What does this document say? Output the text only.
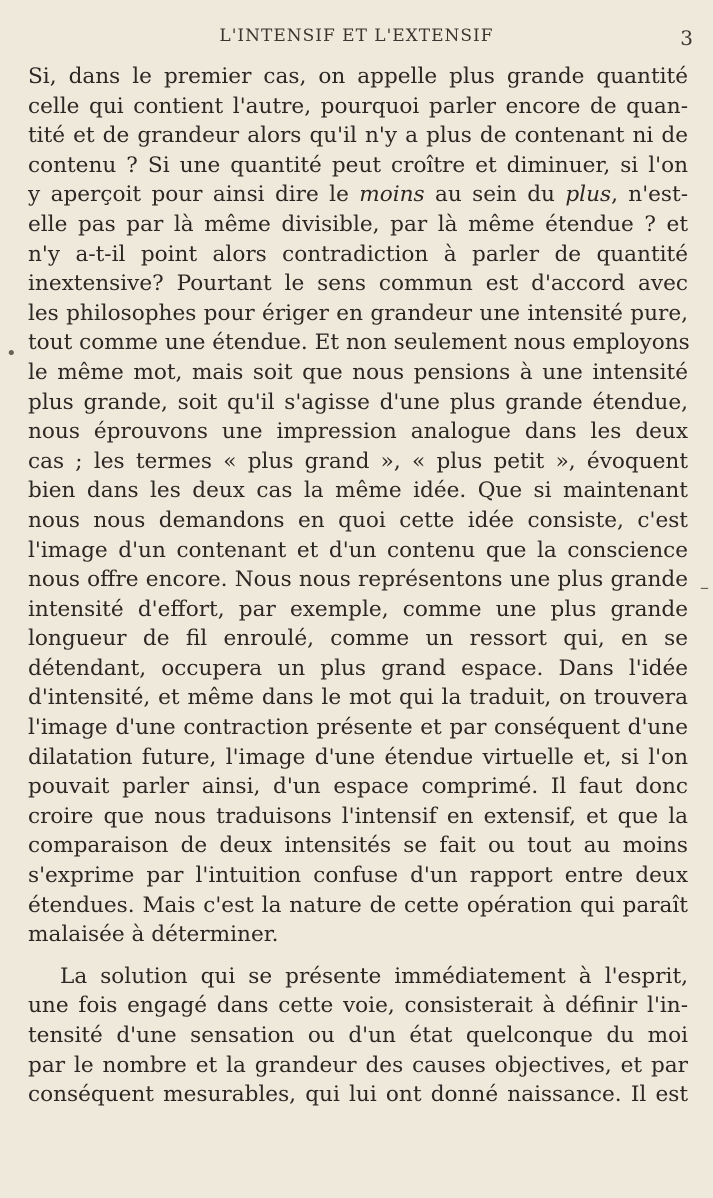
L'INTENSIF ET L'EXTENSIF	3
Si, dans le premier cas, on appelle plus grande quantité
celle qui contient l'autre, pourquoi parler encore de quan-
tité et de grandeur alors qu'il n'y a plus de contenant ni de
contenu ? Si une quantité peut croître et diminuer, si l'on
y aperçoit pour ainsi dire le moins au sein du plus, n'est-
elle pas par là même divisible, par là même étendue ? et
n'y a-t-il point alors contradiction à parler de quantité
inextensive? Pourtant le sens commun est d'accord avec
les philosophes pour ériger en grandeur une intensité pure,
tout comme une étendue. Et non seulement nous employons
le même mot, mais soit que nous pensions à une intensité
plus grande, soit qu'il s'agisse d'une plus grande étendue,
nous éprouvons une impression analogue dans les deux
cas ; les termes « plus grand », « plus petit », évoquent
bien dans les deux cas la même idée. Que si maintenant
nous nous demandons en quoi cette idée consiste, c'est
l'image d'un contenant et d'un contenu que la conscience
nous offre encore. Nous nous représentons une plus grande
intensité d'effort, par exemple, comme une plus grande
longueur de fil enroulé, comme un ressort qui, en se
détendant, occupera un plus grand espace. Dans l'idée
d'intensité, et même dans le mot qui la traduit, on trouvera
l'image d'une contraction présente et par conséquent d'une
dilatation future, l'image d'une étendue virtuelle et, si l'on
pouvait parler ainsi, d'un espace comprimé. Il faut donc
croire que nous traduisons l'intensif en extensif, et que la
comparaison de deux intensités se fait ou tout au moins
s'exprime par l'intuition confuse d'un rapport entre deux
étendues. Mais c'est la nature de cette opération qui paraît
malaisée à déterminer.
La solution qui se présente immédiatement à l'esprit,
une fois engagé dans cette voie, consisterait à définir l'in-
tensité d'une sensation ou d'un état quelconque du moi
par le nombre et la grandeur des causes objectives, et par
conséquent mesurables, qui lui ont donné naissance. Il est
•
–
